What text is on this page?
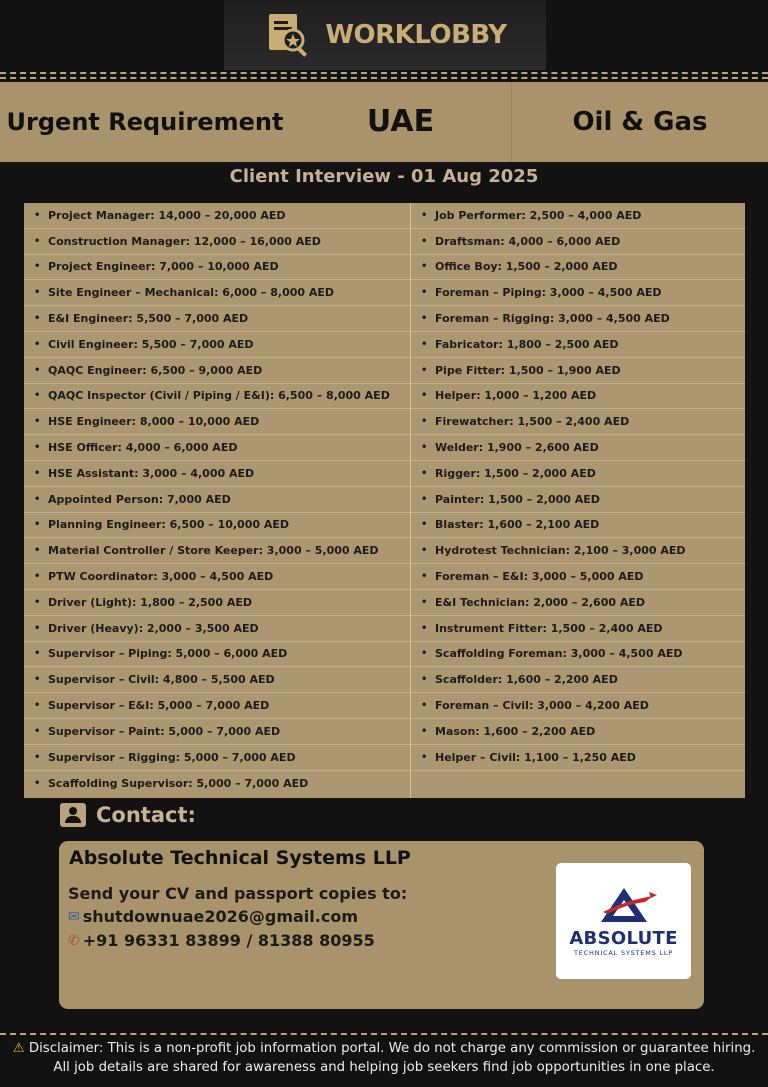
WORKLOBBY
Urgent Requirement	UAE	Oil & Gas
Client Interview - 01 Aug 2025
• Project Manager: 14,000 – 20,000 AED
• Construction Manager: 12,000 – 16,000 AED
• Project Engineer: 7,000 – 10,000 AED
• Site Engineer – Mechanical: 6,000 – 8,000 AED
• E&I Engineer: 5,500 – 7,000 AED
• Civil Engineer: 5,500 – 7,000 AED
• QAQC Engineer: 6,500 – 9,000 AED
• QAQC Inspector (Civil / Piping / E&I): 6,500 – 8,000 AED
• HSE Engineer: 8,000 – 10,000 AED
• HSE Officer: 4,000 – 6,000 AED
• HSE Assistant: 3,000 – 4,000 AED
• Appointed Person: 7,000 AED
• Planning Engineer: 6,500 – 10,000 AED
• Material Controller / Store Keeper: 3,000 – 5,000 AED
• PTW Coordinator: 3,000 – 4,500 AED
• Driver (Light): 1,800 – 2,500 AED
• Driver (Heavy): 2,000 – 3,500 AED
• Supervisor – Piping: 5,000 – 6,000 AED
• Supervisor – Civil: 4,800 – 5,500 AED
• Supervisor – E&I: 5,000 – 7,000 AED
• Supervisor – Paint: 5,000 – 7,000 AED
• Supervisor – Rigging: 5,000 – 7,000 AED
• Scaffolding Supervisor: 5,000 – 7,000 AED
• Job Performer: 2,500 – 4,000 AED
• Draftsman: 4,000 – 6,000 AED
• Office Boy: 1,500 – 2,000 AED
• Foreman – Piping: 3,000 – 4,500 AED
• Foreman – Rigging: 3,000 – 4,500 AED
• Fabricator: 1,800 – 2,500 AED
• Pipe Fitter: 1,500 – 1,900 AED
• Helper: 1,000 – 1,200 AED
• Firewatcher: 1,500 – 2,400 AED
• Welder: 1,900 – 2,600 AED
• Rigger: 1,500 – 2,000 AED
• Painter: 1,500 – 2,000 AED
• Blaster: 1,600 – 2,100 AED
• Hydrotest Technician: 2,100 – 3,000 AED
• Foreman – E&I: 3,000 – 5,000 AED
• E&I Technician: 2,000 – 2,600 AED
• Instrument Fitter: 1,500 – 2,400 AED
• Scaffolding Foreman: 3,000 – 4,500 AED
• Scaffolder: 1,600 – 2,200 AED
• Foreman – Civil: 3,000 – 4,200 AED
• Mason: 1,600 – 2,200 AED
• Helper – Civil: 1,100 – 1,250 AED
Contact:
Absolute Technical Systems LLP
Send your CV and passport copies to:
✉ shutdownuae2026@gmail.com
✆ +91 96331 83899 / 81388 80955	ABSOLUTE
TECHNICAL SYSTEMS LLP
⚠ Disclaimer: This is a non-profit job information portal. We do not charge any commission or guarantee hiring. All job details are shared for awareness and helping job seekers find job opportunities in one place.
